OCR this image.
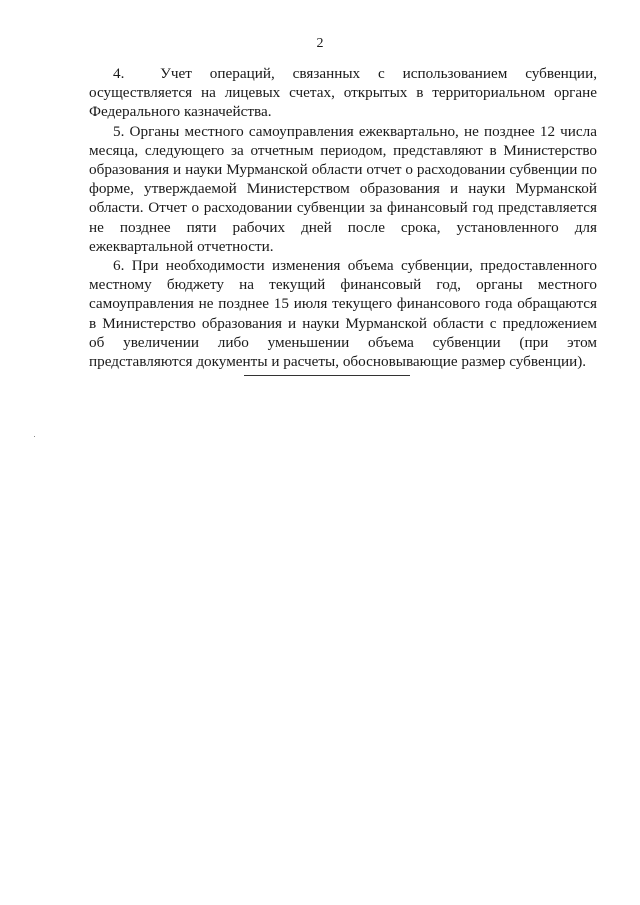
2

4.  Учет операций, связанных с использованием субвенции, осуществляется на лицевых счетах, открытых в территориальном органе Федерального казначейства.

5. Органы местного самоуправления ежеквартально, не позднее 12 числа месяца, следующего за отчетным периодом, представляют в Министерство образования и науки Мурманской области отчет о расходовании субвенции по форме, утверждаемой Министерством образования и науки Мурманской области. Отчет о расходовании субвенции за финансовый год представляется не позднее пяти рабочих дней после срока, установленного для ежеквартальной отчетности.

6. При необходимости изменения объема субвенции, предоставленного местному бюджету на текущий финансовый год, органы местного самоуправления не позднее 15 июля текущего финансового года обращаются в Министерство образования и науки Мурманской области с предложением об увеличении либо уменьшении объема субвенции (при этом представляются документы и расчеты, обосновывающие размер субвенции).
